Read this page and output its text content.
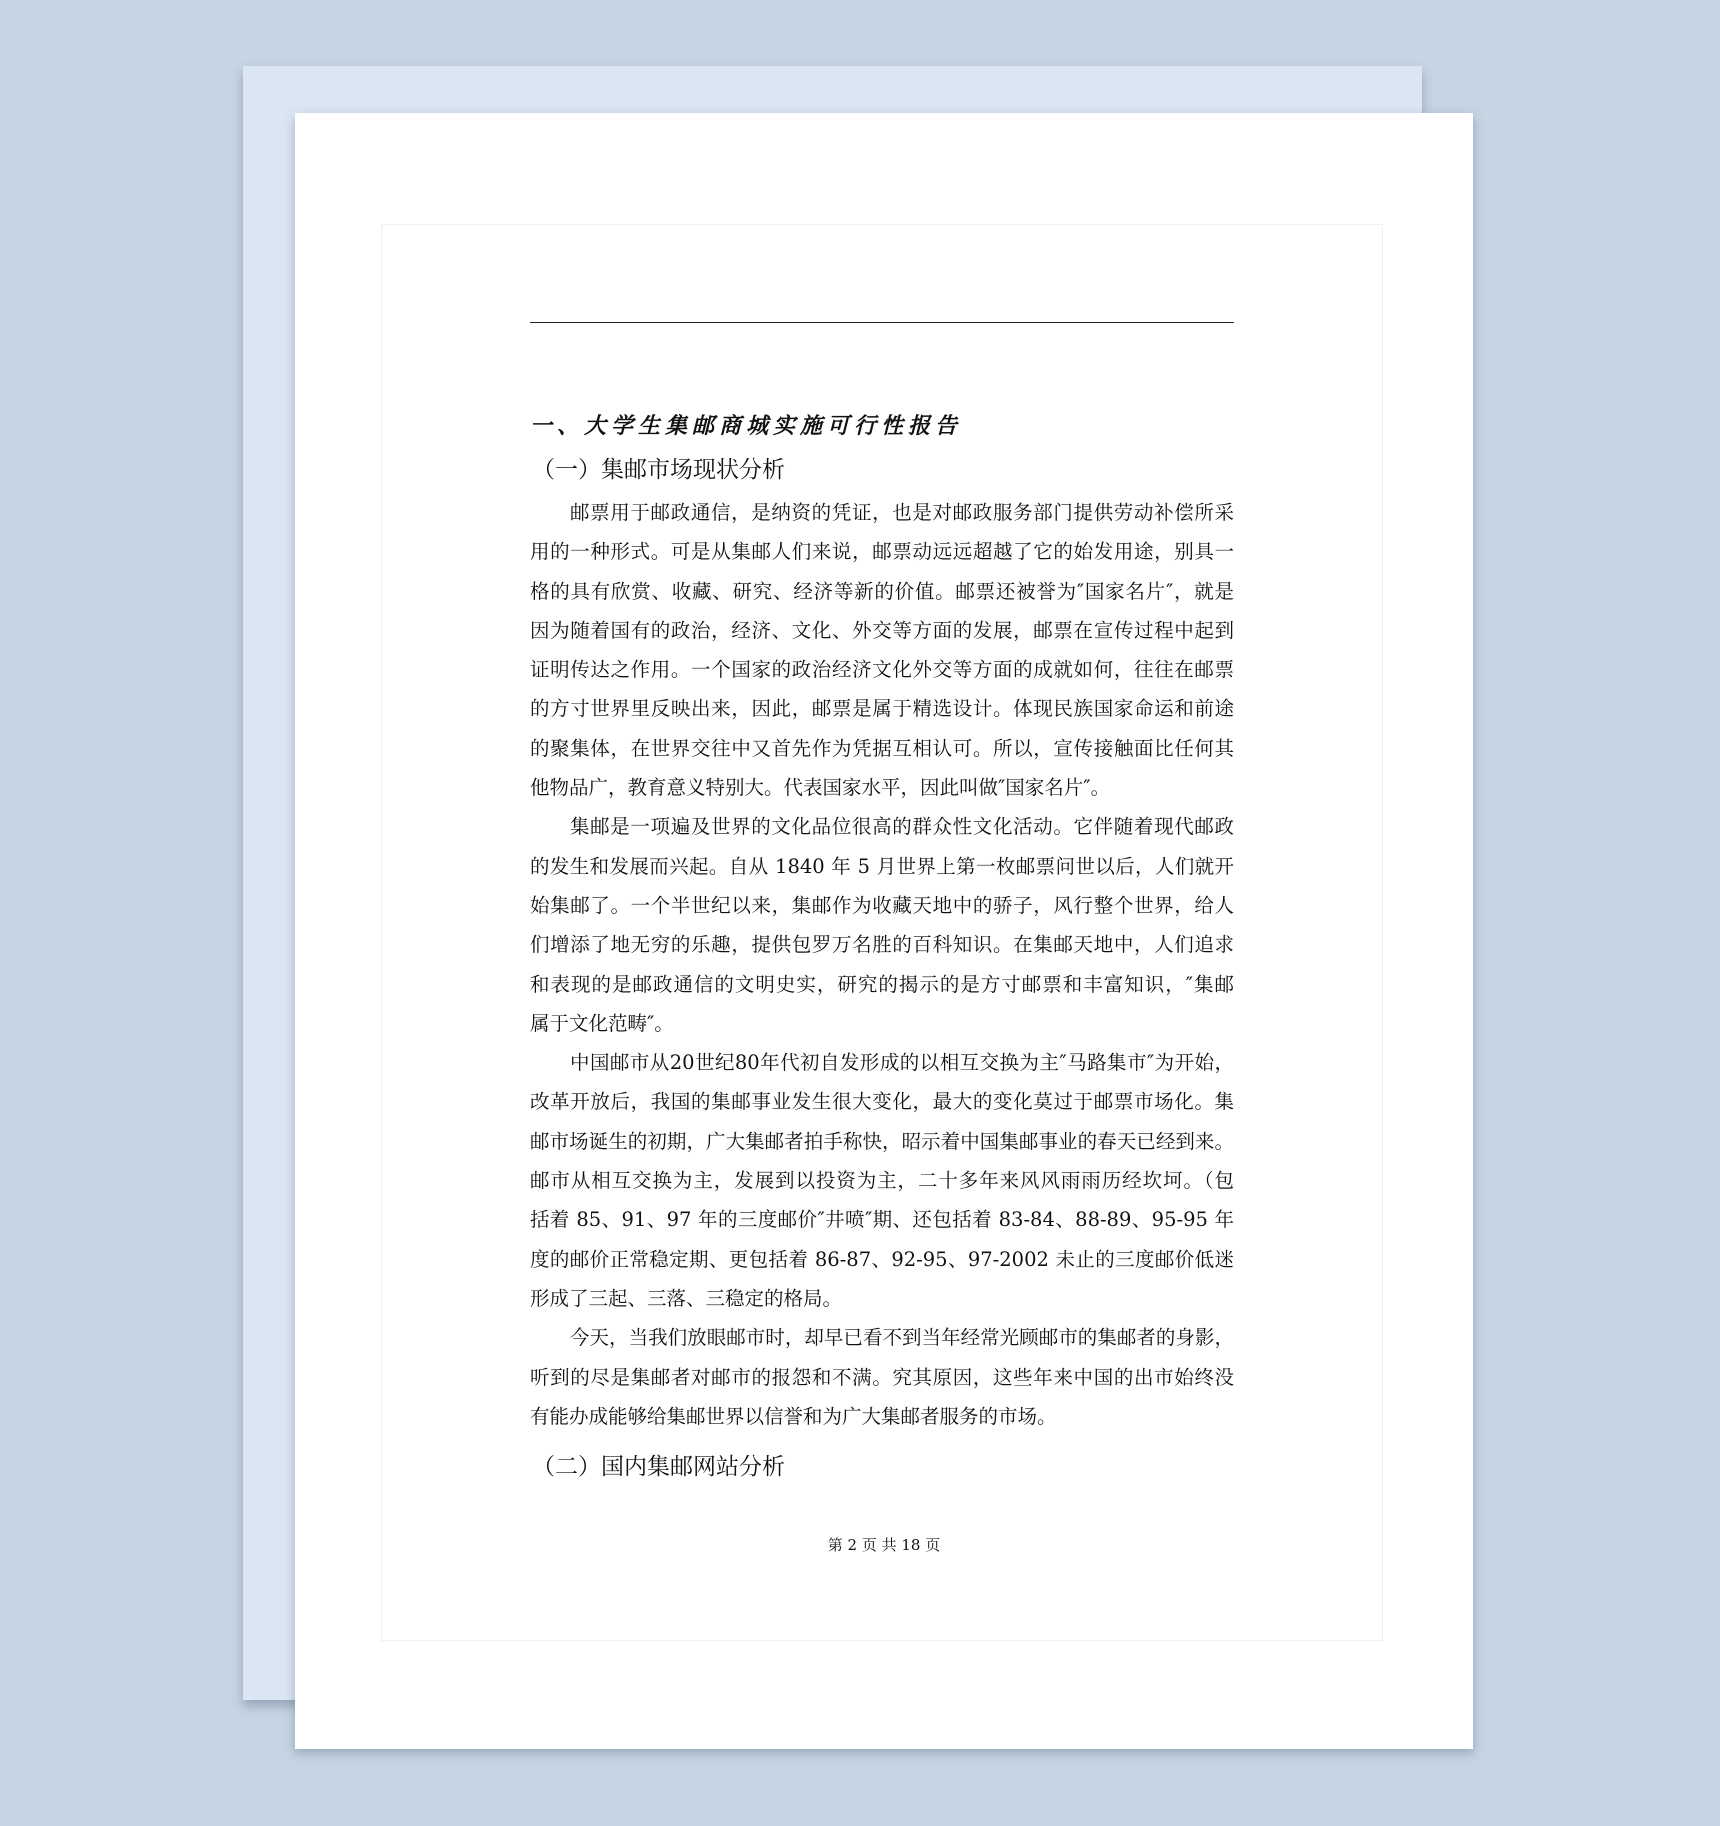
一、大学生集邮商城实施可行性报告
（一）集邮市场现状分析
邮票用于邮政通信，是纳资的凭证，也是对邮政服务部门提供劳动补偿所采
用的一种形式。可是从集邮人们来说，邮票动远远超越了它的始发用途，别具一
格的具有欣赏、收藏、研究、经济等新的价值。邮票还被誉为″国家名片″，就是
因为随着国有的政治，经济、文化、外交等方面的发展，邮票在宣传过程中起到
证明传达之作用。一个国家的政治经济文化外交等方面的成就如何，往往在邮票
的方寸世界里反映出来，因此，邮票是属于精选设计。体现民族国家命运和前途
的聚集体，在世界交往中又首先作为凭据互相认可。所以，宣传接触面比任何其
他物品广，教育意义特别大。代表国家水平，因此叫做″国家名片″。
集邮是一项遍及世界的文化品位很高的群众性文化活动。它伴随着现代邮政
的发生和发展而兴起。自从 1840 年 5 月世界上第一枚邮票问世以后，人们就开
始集邮了。一个半世纪以来，集邮作为收藏天地中的骄子，风行整个世界，给人
们增添了地无穷的乐趣，提供包罗万名胜的百科知识。在集邮天地中，人们追求
和表现的是邮政通信的文明史实，研究的揭示的是方寸邮票和丰富知识，″集邮
属于文化范畴″。
中国邮市从20世纪80年代初自发形成的以相互交换为主″马路集市″为开始，
改革开放后，我国的集邮事业发生很大变化，最大的变化莫过于邮票市场化。集
邮市场诞生的初期，广大集邮者拍手称快，昭示着中国集邮事业的春天已经到来。
邮市从相互交换为主，发展到以投资为主，二十多年来风风雨雨历经坎坷。（包
括着 85、91、97 年的三度邮价″井喷″期、还包括着 83-84、88-89、95-95 年
度的邮价正常稳定期、更包括着 86-87、92-95、97-2002 未止的三度邮价低迷
形成了三起、三落、三稳定的格局。
今天，当我们放眼邮市时，却早已看不到当年经常光顾邮市的集邮者的身影，
听到的尽是集邮者对邮市的报怨和不满。究其原因，这些年来中国的出市始终没
有能办成能够给集邮世界以信誉和为广大集邮者服务的市场。
（二）国内集邮网站分析
第 2 页 共 18 页
